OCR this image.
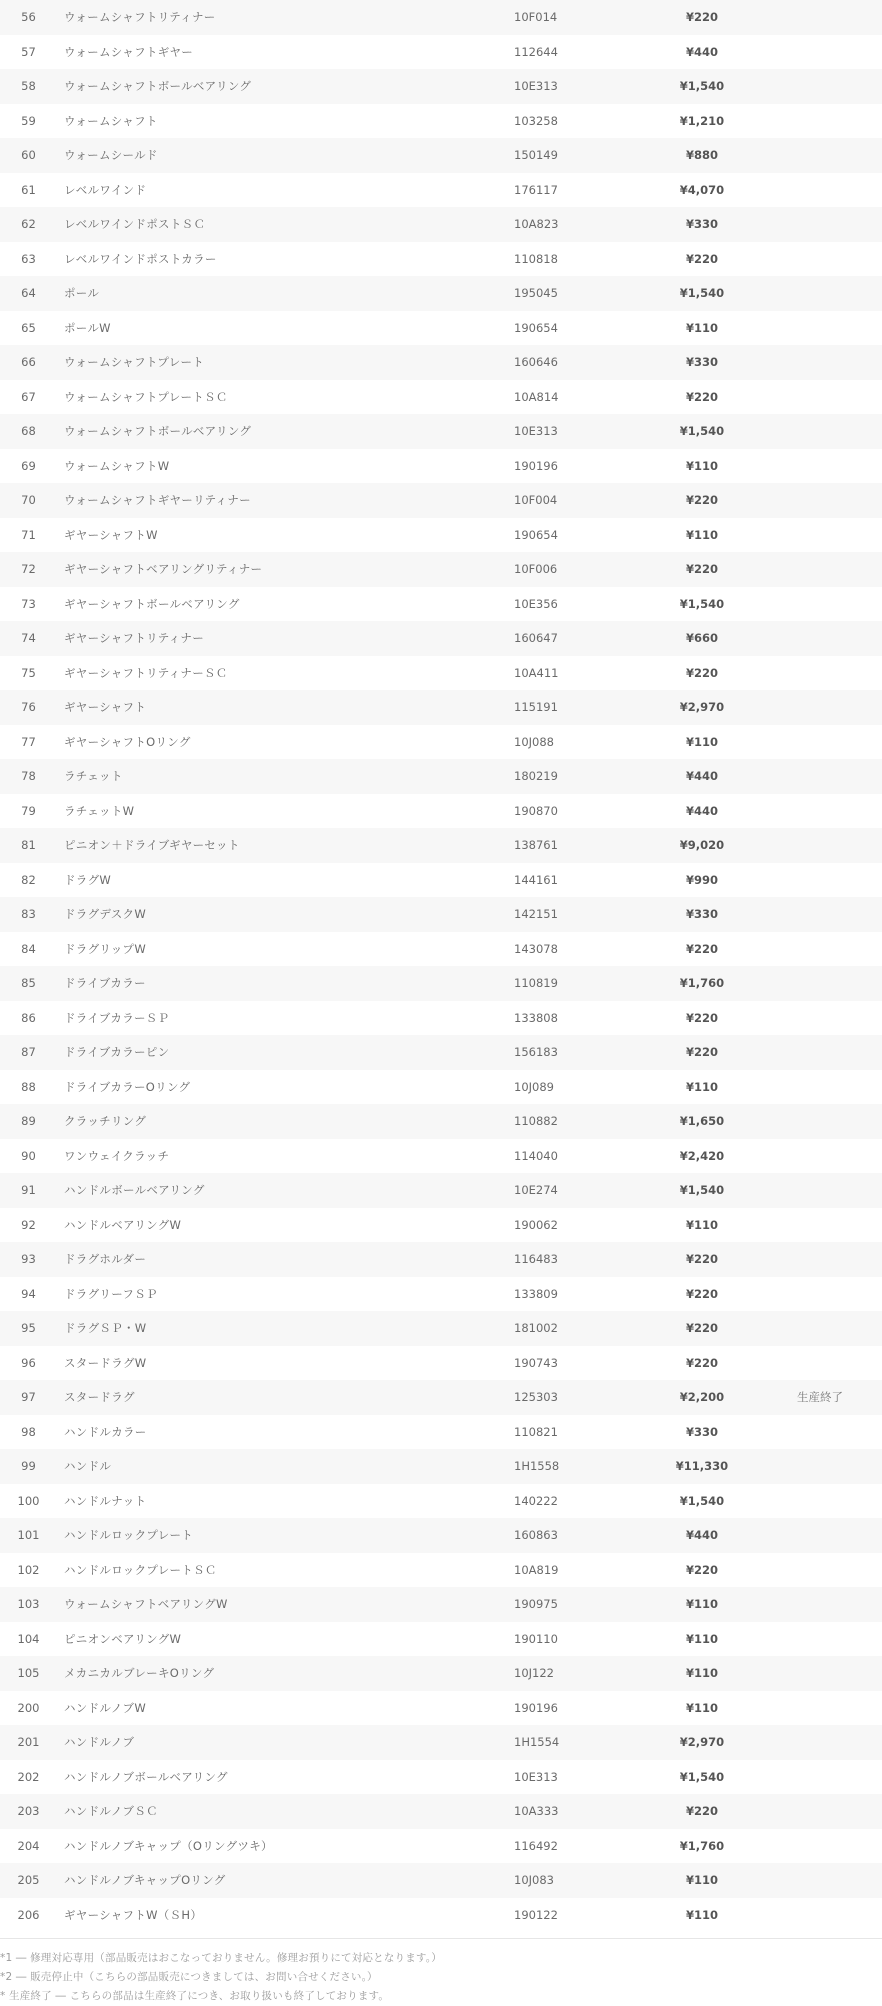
56	ウォームシャフトリティナー	10F014	¥220
57	ウォームシャフトギヤー	112644	¥440
58	ウォームシャフトボールベアリング	10E313	¥1,540
59	ウォームシャフト	103258	¥1,210
60	ウォームシールド	150149	¥880
61	レベルワインド	176117	¥4,070
62	レベルワインドポストＳＣ	10A823	¥330
63	レベルワインドポストカラー	110818	¥220
64	ポール	195045	¥1,540
65	ポールW	190654	¥110
66	ウォームシャフトプレート	160646	¥330
67	ウォームシャフトプレートＳＣ	10A814	¥220
68	ウォームシャフトボールベアリング	10E313	¥1,540
69	ウォームシャフトW	190196	¥110
70	ウォームシャフトギヤーリティナー	10F004	¥220
71	ギヤーシャフトW	190654	¥110
72	ギヤーシャフトベアリングリティナー	10F006	¥220
73	ギヤーシャフトボールベアリング	10E356	¥1,540
74	ギヤーシャフトリティナー	160647	¥660
75	ギヤーシャフトリティナーＳＣ	10A411	¥220
76	ギヤーシャフト	115191	¥2,970
77	ギヤーシャフトOリング	10J088	¥110
78	ラチェット	180219	¥440
79	ラチェットW	190870	¥440
81	ピニオン＋ドライブギヤーセット	138761	¥9,020
82	ドラグW	144161	¥990
83	ドラグデスクW	142151	¥330
84	ドラグリップW	143078	¥220
85	ドライブカラー	110819	¥1,760
86	ドライブカラーＳＰ	133808	¥220
87	ドライブカラーピン	156183	¥220
88	ドライブカラーOリング	10J089	¥110
89	クラッチリング	110882	¥1,650
90	ワンウェイクラッチ	114040	¥2,420
91	ハンドルボールベアリング	10E274	¥1,540
92	ハンドルベアリングW	190062	¥110
93	ドラグホルダー	116483	¥220
94	ドラグリーフＳＰ	133809	¥220
95	ドラグＳＰ・W	181002	¥220
96	スタードラグW	190743	¥220
97	スタードラグ	125303	¥2,200	生産終了
98	ハンドルカラー	110821	¥330
99	ハンドル	1H1558	¥11,330
100	ハンドルナット	140222	¥1,540
101	ハンドルロックプレート	160863	¥440
102	ハンドルロックプレートＳＣ	10A819	¥220
103	ウォームシャフトベアリングW	190975	¥110
104	ピニオンベアリングW	190110	¥110
105	メカニカルブレーキOリング	10J122	¥110
200	ハンドルノブW	190196	¥110
201	ハンドルノブ	1H1554	¥2,970
202	ハンドルノブボールベアリング	10E313	¥1,540
203	ハンドルノブＳＣ	10A333	¥220
204	ハンドルノブキャップ（Oリングツキ）	116492	¥1,760
205	ハンドルノブキャップOリング	10J083	¥110
206	ギヤーシャフトW（ＳH）	190122	¥110
*1 ― 修理対応専用（部品販売はおこなっておりません。修理お預りにて対応となります。）
*2 ― 販売停止中（こちらの部品販売につきましては、お問い合せください。）
* 生産終了 ― こちらの部品は生産終了につき、お取り扱いも終了しております。
